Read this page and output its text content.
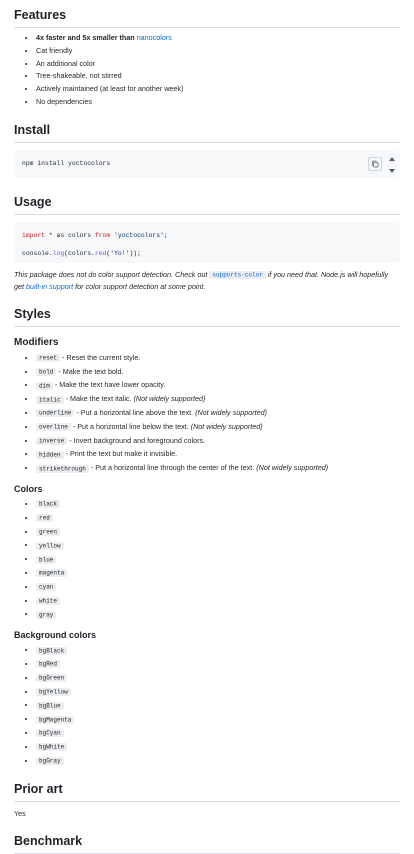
Features
• 4x faster and 5x smaller than nanocolors
• Cat friendly
• An additional color
• Tree-shakeable, not stirred
• Actively maintained (at least for another week)
• No dependencies
Install
npm install yoctocolors
Usage
import * as colors from 'yoctocolors';
console.log(colors.red('Yo!'));

This package does not do color support detection. Check out supports-color if you need that. Node.js will hopefully get built-in support for color support detection at some point.

Styles
Modifiers
• reset - Reset the current style.
• bold - Make the text bold.
• dim - Make the text have lower opacity.
• italic - Make the text italic. (Not widely supported)
• underline - Put a horizontal line above the text. (Not widely supported)
• overline - Put a horizontal line below the text. (Not widely supported)
• inverse - Invert background and foreground colors.
• hidden - Print the text but make it invisible.
• strikethrough - Put a horizontal line through the center of the text. (Not widely supported)
Colors
• black
• red
• green
• yellow
• blue
• magenta
• cyan
• white
• gray
Background colors
• bgBlack
• bgRed
• bgGreen
• bgYellow
• bgBlue
• bgMagenta
• bgCyan
• bgWhite
• bgGray
Prior art

Yes

Benchmark
